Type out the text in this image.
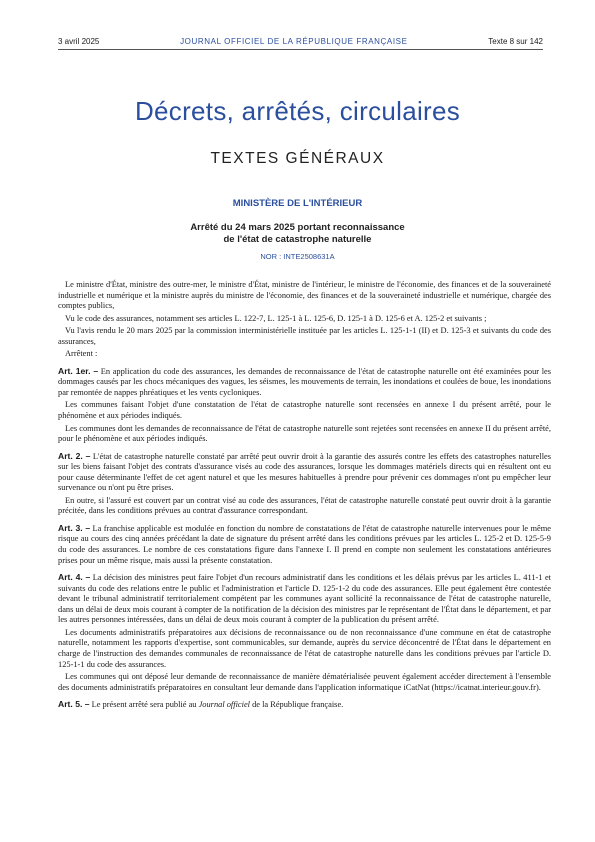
3 avril 2025	JOURNAL OFFICIEL DE LA RÉPUBLIQUE FRANÇAISE	Texte 8 sur 142
Décrets, arrêtés, circulaires
TEXTES GÉNÉRAUX
MINISTÈRE DE L'INTÉRIEUR
Arrêté du 24 mars 2025 portant reconnaissance
de l'état de catastrophe naturelle
NOR : INTE2508631A

Le ministre d'État, ministre des outre-mer, le ministre d'État, ministre de l'intérieur, le ministre de l'économie, des finances et de la souveraineté industrielle et numérique et la ministre auprès du ministre de l'économie, des finances et de la souveraineté industrielle et numérique, chargée des comptes publics,

Vu le code des assurances, notamment ses articles L. 122-7, L. 125-1 à L. 125-6, D. 125-1 à D. 125-6 et A. 125-2 et suivants ;

Vu l'avis rendu le 20 mars 2025 par la commission interministérielle instituée par les articles L. 125-1-1 (II) et D. 125-3 et suivants du code des assurances,

Arrêtent :

Art. 1er. – En application du code des assurances, les demandes de reconnaissance de l'état de catastrophe naturelle ont été examinées pour les dommages causés par les chocs mécaniques des vagues, les séismes, les mouvements de terrain, les inondations et coulées de boue, les inondations par remontée de nappes phréatiques et les vents cycloniques.

Les communes faisant l'objet d'une constatation de l'état de catastrophe naturelle sont recensées en annexe I du présent arrêté, pour le phénomène et aux périodes indiqués.

Les communes dont les demandes de reconnaissance de l'état de catastrophe naturelle sont rejetées sont recensées en annexe II du présent arrêté, pour le phénomène et aux périodes indiqués.

Art. 2. – L'état de catastrophe naturelle constaté par arrêté peut ouvrir droit à la garantie des assurés contre les effets des catastrophes naturelles sur les biens faisant l'objet des contrats d'assurance visés au code des assurances, lorsque les dommages matériels directs qui en résultent ont eu pour cause déterminante l'effet de cet agent naturel et que les mesures habituelles à prendre pour prévenir ces dommages n'ont pu empêcher leur survenance ou n'ont pu être prises.

En outre, si l'assuré est couvert par un contrat visé au code des assurances, l'état de catastrophe naturelle constaté peut ouvrir droit à la garantie précitée, dans les conditions prévues au contrat d'assurance correspondant.

Art. 3. – La franchise applicable est modulée en fonction du nombre de constatations de l'état de catastrophe naturelle intervenues pour le même risque au cours des cinq années précédant la date de signature du présent arrêté dans les conditions prévues par les articles L. 125-2 et D. 125-5-9 du code des assurances. Le nombre de ces constatations figure dans l'annexe I. Il prend en compte non seulement les constatations antérieures prises pour un même risque, mais aussi la présente constatation.

Art. 4. – La décision des ministres peut faire l'objet d'un recours administratif dans les conditions et les délais prévus par les articles L. 411-1 et suivants du code des relations entre le public et l'administration et l'article D. 125-1-2 du code des assurances. Elle peut également être contestée devant le tribunal administratif territorialement compétent par les communes ayant sollicité la reconnaissance de l'état de catastrophe naturelle, dans un délai de deux mois courant à compter de la notification de la décision des ministres par le représentant de l'État dans le département, et par les autres personnes intéressées, dans un délai de deux mois courant à compter de la publication du présent arrêté.

Les documents administratifs préparatoires aux décisions de reconnaissance ou de non reconnaissance d'une commune en état de catastrophe naturelle, notamment les rapports d'expertise, sont communicables, sur demande, auprès du service déconcentré de l'État dans le département en charge de l'instruction des demandes communales de reconnaissance de l'état de catastrophe naturelle dans les conditions prévues par l'article D. 125-1-1 du code des assurances.

Les communes qui ont déposé leur demande de reconnaissance de manière dématérialisée peuvent également accéder directement à l'ensemble des documents administratifs préparatoires en consultant leur demande dans l'application informatique iCatNat (https://icatnat.interieur.gouv.fr).

Art. 5. – Le présent arrêté sera publié au Journal officiel de la République française.
